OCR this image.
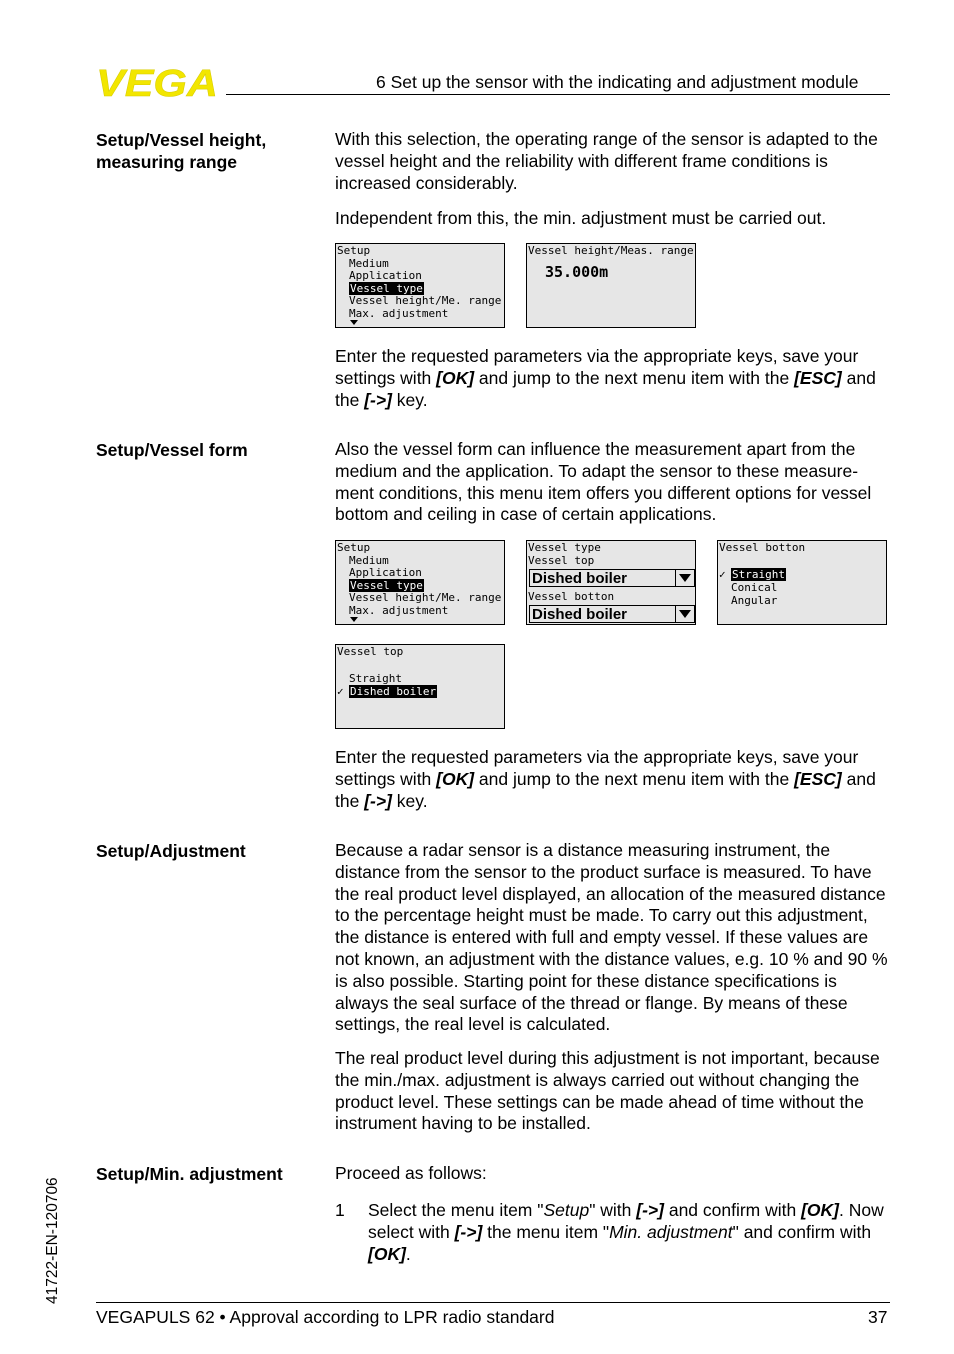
VEGA	6 Set up the sensor with the indicating and adjustment module
Setup/Vessel height,
measuring range

With this selection, the operating range of the sensor is adapted to the vessel height and the reliability with different frame conditions is increased considerably.

Independent from this, the min. adjustment must be carried out.

Setup
Medium
Application
Vessel type
Vessel height/Me. range
Max. adjustment
Vessel height/Meas. range
35.000m

Enter the requested parameters via the appropriate keys, save your settings with [OK] and jump to the next menu item with the [ESC] and the [->] key.

Setup/Vessel form	Also the vessel form can influence the measurement apart from the medium and the application. To adapt the sensor to these measure-ment conditions, this menu item offers you different options for vessel bottom and ceiling in case of certain applications.

Setup
Medium
Application
Vessel type
Vessel height/Me. range
Max. adjustment
Vessel type
Vessel top
Dished boiler
Vessel botton
Dished boiler
Vessel botton
✓ Straight
Conical
Angular
Vessel top
Straight
✓ Dished boiler

Enter the requested parameters via the appropriate keys, save your settings with [OK] and jump to the next menu item with the [ESC] and the [->] key.

Setup/Adjustment	Because a radar sensor is a distance measuring instrument, the distance from the sensor to the product surface is measured. To have the real product level displayed, an allocation of the measured distance to the percentage height must be made. To carry out this adjustment, the distance is entered with full and empty vessel. If these values are not known, an adjustment with the distance values, e.g. 10 % and 90 % is also possible. Starting point for these distance specifications is always the seal surface of the thread or flange. By means of these settings, the real level is calculated.

The real product level during this adjustment is not important, because the min./max. adjustment is always carried out without changing the product level. These settings can be made ahead of time without the instrument having to be installed.

Setup/Min. adjustment	Proceed as follows:

1 Select the menu item "Setup" with [->] and confirm with [OK]. Now select with [->] the menu item "Min. adjustment" and confirm with [OK].

41722-EN-120706
VEGAPULS 62 • Approval according to LPR radio standard	37
